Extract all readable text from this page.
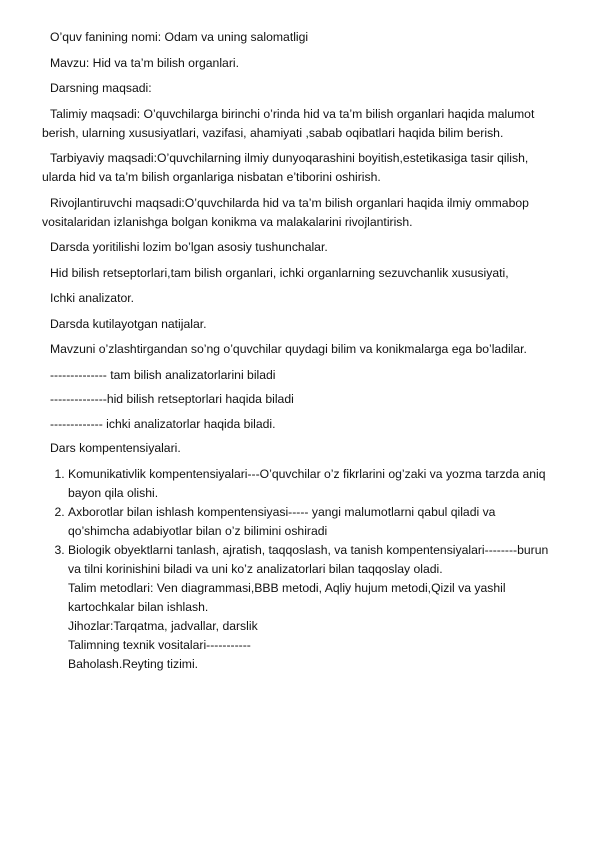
O’quv fanining nomi: Odam va uning salomatligi

Mavzu: Hid va ta’m bilish organlari.

Darsning maqsadi:

Talimiy maqsadi: O’quvchilarga birinchi o’rinda hid va ta’m bilish organlari haqida malumot berish, ularning xususiyatlari, vazifasi, ahamiyati ,sabab oqibatlari haqida bilim berish.

Tarbiyaviy maqsadi:O’quvchilarning ilmiy dunyoqarashini boyitish,estetikasiga tasir qilish, ularda hid va ta’m bilish organlariga nisbatan e’tiborini oshirish.

Rivojlantiruvchi maqsadi:O’quvchilarda hid va ta’m bilish organlari haqida ilmiy ommabop vositalaridan izlanishga bolgan konikma va malakalarini rivojlantirish.

Darsda yoritilishi lozim bo’lgan asosiy tushunchalar.

Hid bilish retseptorlari,tam bilish organlari, ichki organlarning sezuvchanlik xususiyati,

Ichki analizator.

Darsda kutilayotgan natijalar.

Mavzuni o’zlashtirgandan so’ng o’quvchilar quydagi bilim va konikmalarga ega bo’ladilar.

-------------- tam bilish analizatorlarini biladi

--------------hid bilish retseptorlari haqida biladi

------------- ichki analizatorlar haqida biladi.

Dars kompentensiyalari.

1. Komunikativlik kompentensiyalari---O’quvchilar o’z fikrlarini og’zaki va yozma tarzda aniq bayon qila olishi.
2. Axborotlar bilan ishlash kompentensiyasi----- yangi malumotlarni qabul qiladi va qo’shimcha adabiyotlar bilan o’z bilimini oshiradi
3. Biologik obyektlarni tanlash, ajratish, taqqoslash, va tanish kompentensiyalari--------burun va tilni korinishini biladi va uni ko’z analizatorlari bilan taqqoslay oladi.
Talim metodlari: Ven diagrammasi,BBB metodi, Aqliy hujum metodi,Qizil va yashil kartochkalar bilan ishlash.
Jihozlar:Tarqatma, jadvallar, darslik
Talimning texnik vositalari-----------
Baholash.Reyting tizimi.
